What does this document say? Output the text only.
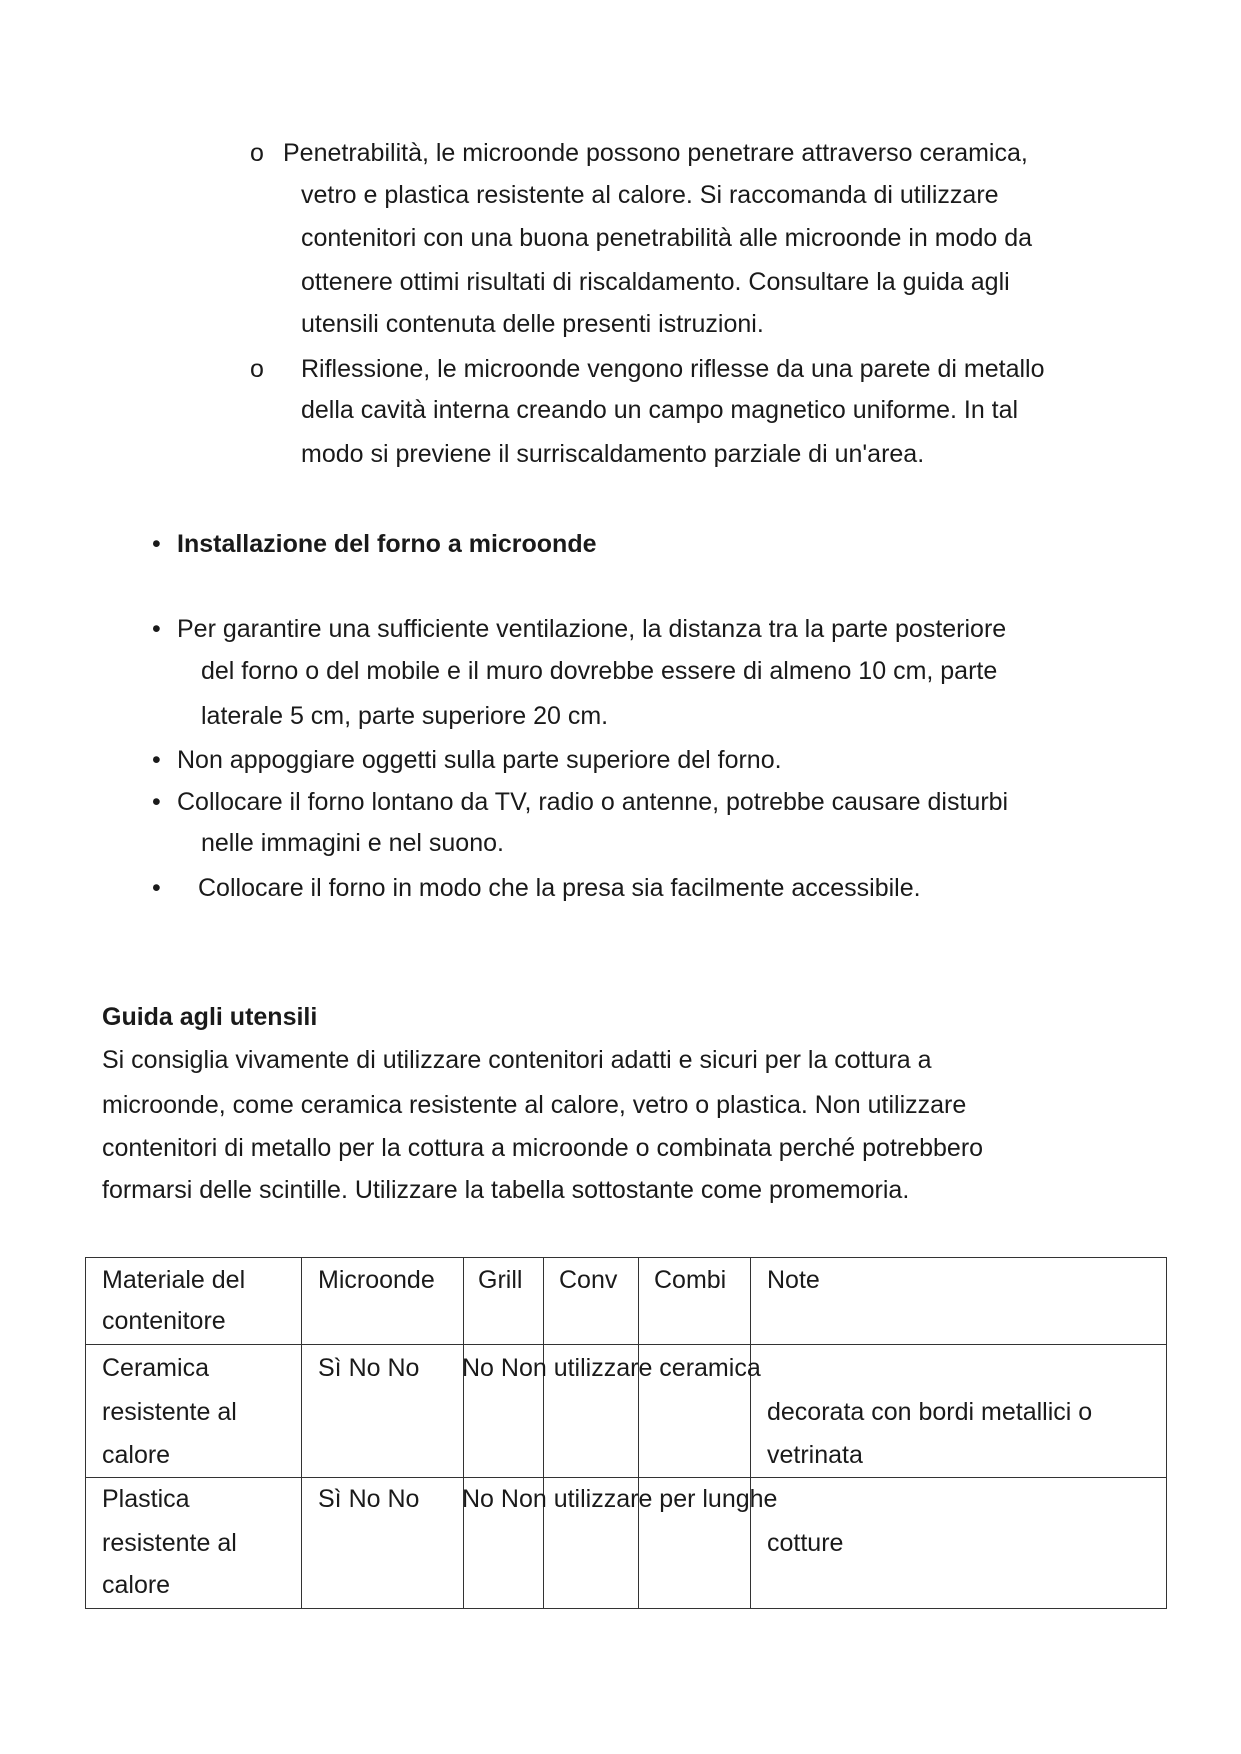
o Penetrabilità, le microonde possono penetrare attraverso ceramica,
vetro e plastica resistente al calore. Si raccomanda di utilizzare
contenitori con una buona penetrabilità alle microonde in modo da
ottenere ottimi risultati di riscaldamento. Consultare la guida agli
utensili contenuta delle presenti istruzioni.
o Riflessione, le microonde vengono riflesse da una parete di metallo
della cavità interna creando un campo magnetico uniforme. In tal
modo si previene il surriscaldamento parziale di un'area.
• Installazione del forno a microonde
• Per garantire una sufficiente ventilazione, la distanza tra la parte posteriore
del forno o del mobile e il muro dovrebbe essere di almeno 10 cm, parte
laterale 5 cm, parte superiore 20 cm.
• Non appoggiare oggetti sulla parte superiore del forno.
• Collocare il forno lontano da TV, radio o antenne, potrebbe causare disturbi
nelle immagini e nel suono.
• Collocare il forno in modo che la presa sia facilmente accessibile.
Guida agli utensili
Si consiglia vivamente di utilizzare contenitori adatti e sicuri per la cottura a
microonde, come ceramica resistente al calore, vetro o plastica. Non utilizzare
contenitori di metallo per la cottura a microonde o combinata perché potrebbero
formarsi delle scintille. Utilizzare la tabella sottostante come promemoria.
Materiale del
contenitore
Microonde Grill Conv Combi Note
Ceramica
resistente al
calore
Sì No No No Non utilizzare ceramica
decorata con bordi metallici o
vetrinata
Plastica
resistente al
calore
Sì No No No Non utilizzare per lunghe
cotture
